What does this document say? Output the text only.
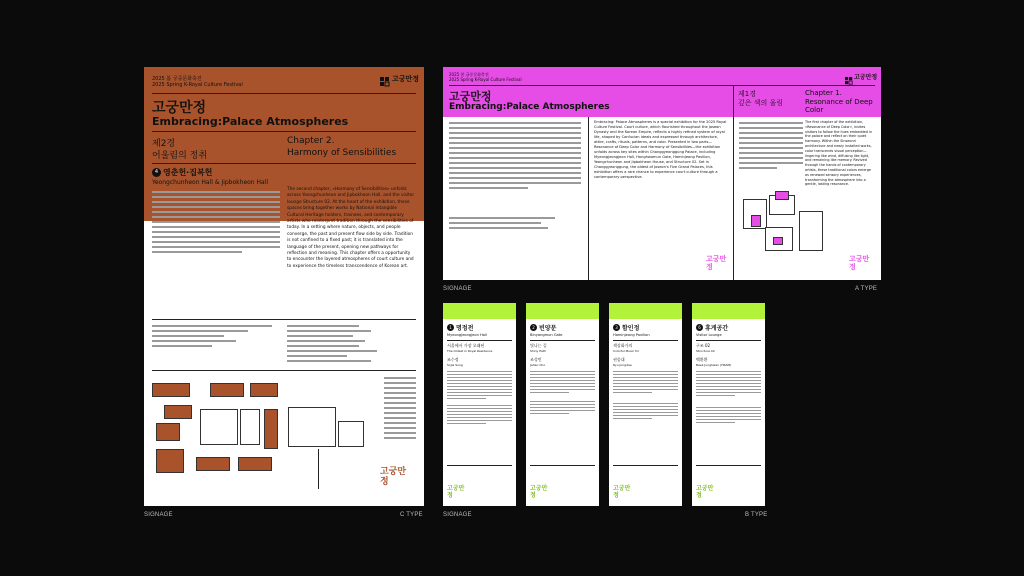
2025 봄 궁중문화축전
2025 Spring K-Royal Culture Festival
고궁만정
고궁만정
Embracing:Palace Atmospheres
제2경
어울림의 정취
Chapter 2.
Harmony of Sensibilities
4 영춘헌·집복헌
Yeongchunheon Hall & Jipbokheon Hall
The second chapter, «Harmony of Sensibilities» unfolds across Yeongchunheon and Jipbokheon Hall, and the visitor lounge Structure 02. At the heart of the exhibition, these spaces bring together works by National Intangible Cultural Heritage holders, trainees, and contemporary artists who reinterpret tradition through the sensibilities of today. In a setting where nature, objects, and people converge, the past and present flow side by side. Tradition is not confined to a fixed past; it is translated into the language of the present, opening new pathways for reflection and meaning. This chapter offers a opportunity to encounter the layered atmospheres of court culture and to experience the timeless transcendence of Korean art.
고궁만정
SIGNAGE	C TYPE
2025 봄 궁중문화축전
2025 Spring K-Royal Culture Festival	고궁만정
고궁만정
Embracing:Palace Atmospheres
제1경
깊은 색의 울림
Chapter 1.
Resonance of Deep Color
Embracing: Palace Atmospheres is a special exhibition for the 2025 Royal Culture Festival. Court culture, which flourished throughout the Joseon Dynasty and the Korean Empire, reflects a highly refined system of royal life, shaped by Confucian ideals and expressed through architecture, attire, crafts, rituals, patterns, and color. Presented in two parts—Resonance of Deep Color and Harmony of Sensibilities—the exhibition unfolds across key sites within Changgyeonggung Palace, including Myeongjeongjeon Hall, Honghwamun Gate, Haminjeong Pavilion, Yeongchunheon and Jipbokheon House, and Structure 02. Set in Changgyeonggung, the oldest of Joseon's Five Grand Palaces, this exhibition offers a rare chance to experience court culture through a contemporary perspective.
The first chapter of the exhibition, «Resonance of Deep Color», invites visitors to follow the hues embedded in the palace and reflect on their quiet harmony. Within the Sinseonri architecture and newly installed works, color transcends visual perception—lingering like wind, diffusing like light, and remaining like memory. Revived through the hands of contemporary artists, these traditional colors emerge as renewed sensory experiences, transforming the atmosphere into a gentle, lasting resonance.
고궁만정
고궁만정
SIGNAGE	A TYPE
1 명정전
Myeongjeongjeon Hall
서울에서 가장 오래된
The Oldest in Royal Residence
조수정
Sojia Song
고궁만정
2 빈양문
Binyangmun Gate
빛나는 길
Shiny Path
조성민
Jahan Cho
고궁만정
3 함인정
Haminjeong Pavilion
색상화가의
Colorful Music for
권종대
Ryu Jongdae
고궁만정
6 휴게공간
Visitor Lounge
구조 02
Structure 02
백환환
Baek Junghwan (HRAM)
고궁만정
SIGNAGE	B TYPE
